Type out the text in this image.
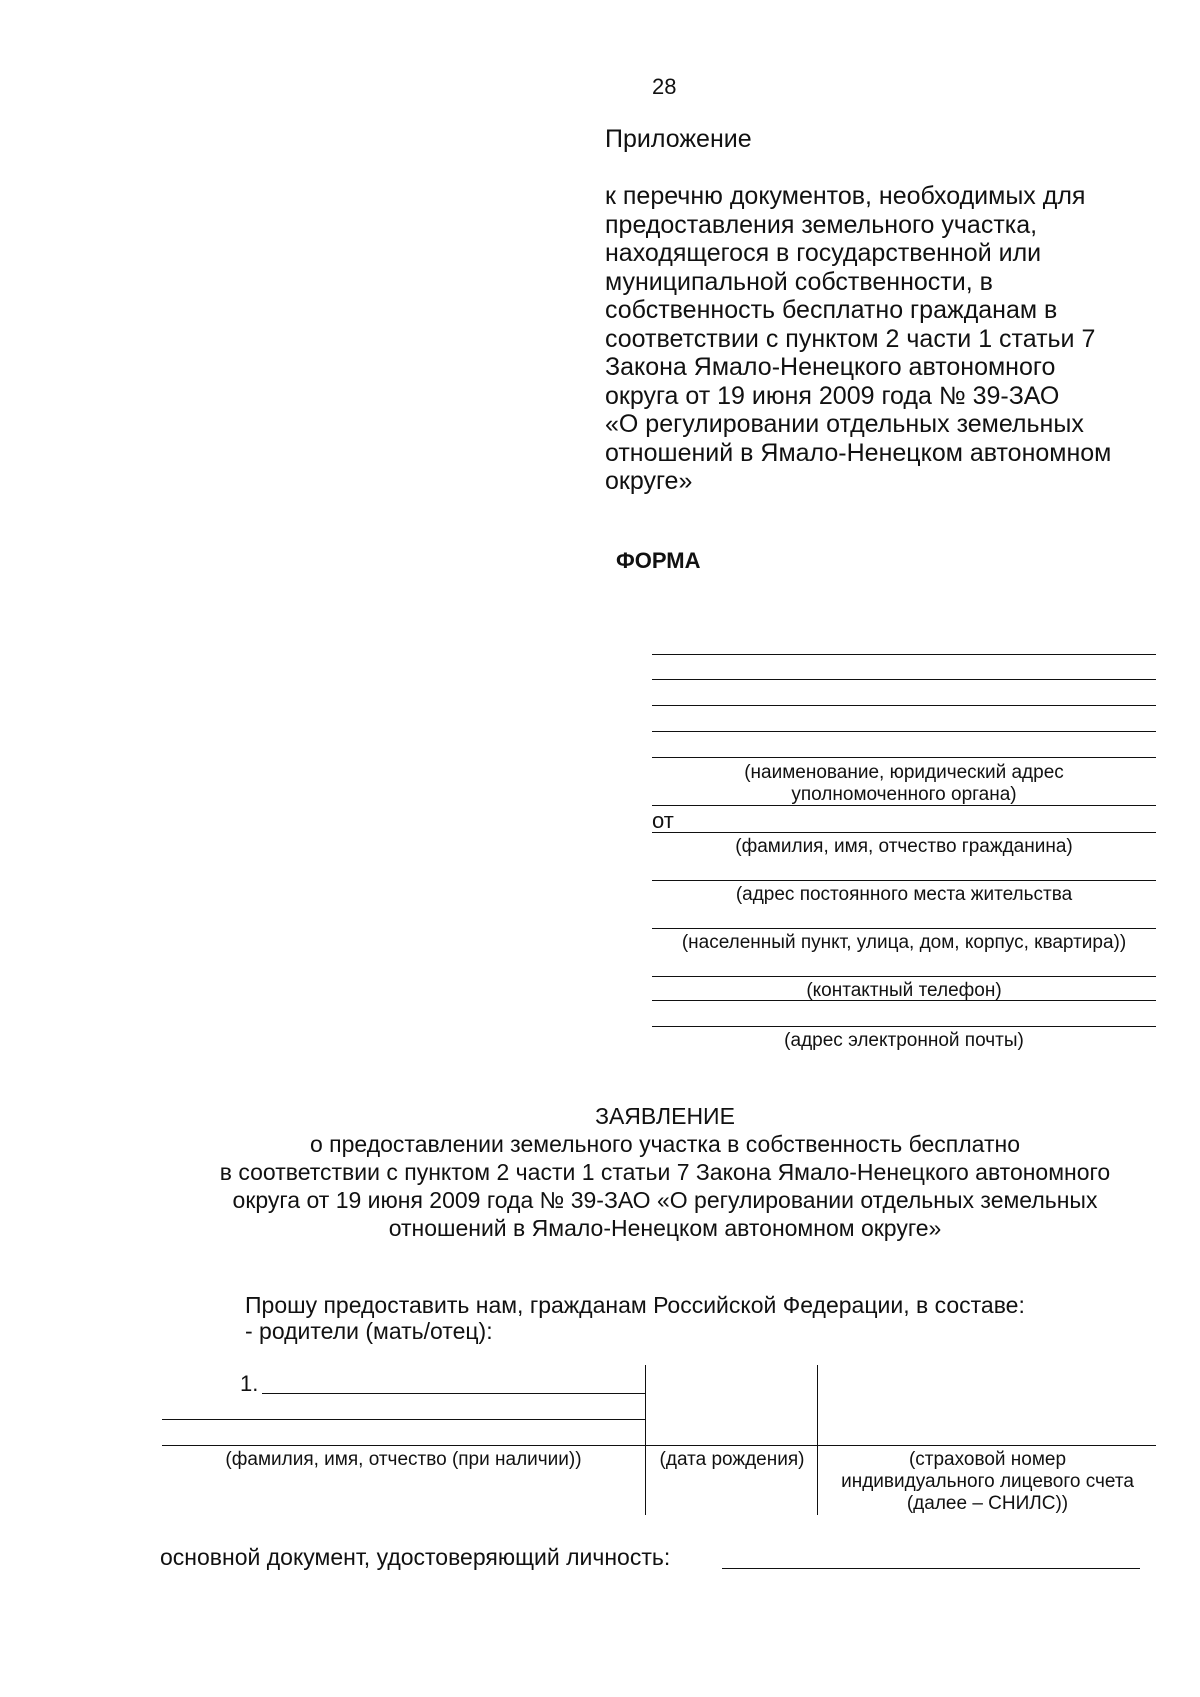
28
Приложение
к перечню документов, необходимых для
предоставления земельного участка,
находящегося в государственной или
муниципальной собственности, в
собственность бесплатно гражданам в
соответствии с пунктом 2 части 1 статьи 7
Закона Ямало-Ненецкого автономного
округа от 19 июня 2009 года № 39-ЗАО
«О регулировании отдельных земельных
отношений в Ямало-Ненецком автономном
округе»
ФОРМА
(наименование, юридический адрес
уполномоченного органа)
от
(фамилия, имя, отчество гражданина)
(адрес постоянного места жительства
(населенный пункт, улица, дом, корпус, квартира))
(контактный телефон)
(адрес электронной почты)
ЗАЯВЛЕНИЕ
о предоставлении земельного участка в собственность бесплатно
в соответствии с пунктом 2 части 1 статьи 7 Закона Ямало-Ненецкого автономного
округа от 19 июня 2009 года № 39-ЗАО «О регулировании отдельных земельных
отношений в Ямало-Ненецком автономном округе»
Прошу предоставить нам, гражданам Российской Федерации, в составе:
- родители (мать/отец):
1.
(фамилия, имя, отчество (при наличии))	(дата рождения)	(страховой номер
индивидуального лицевого счета
(далее – СНИЛС))
основной документ, удостоверяющий личность:
